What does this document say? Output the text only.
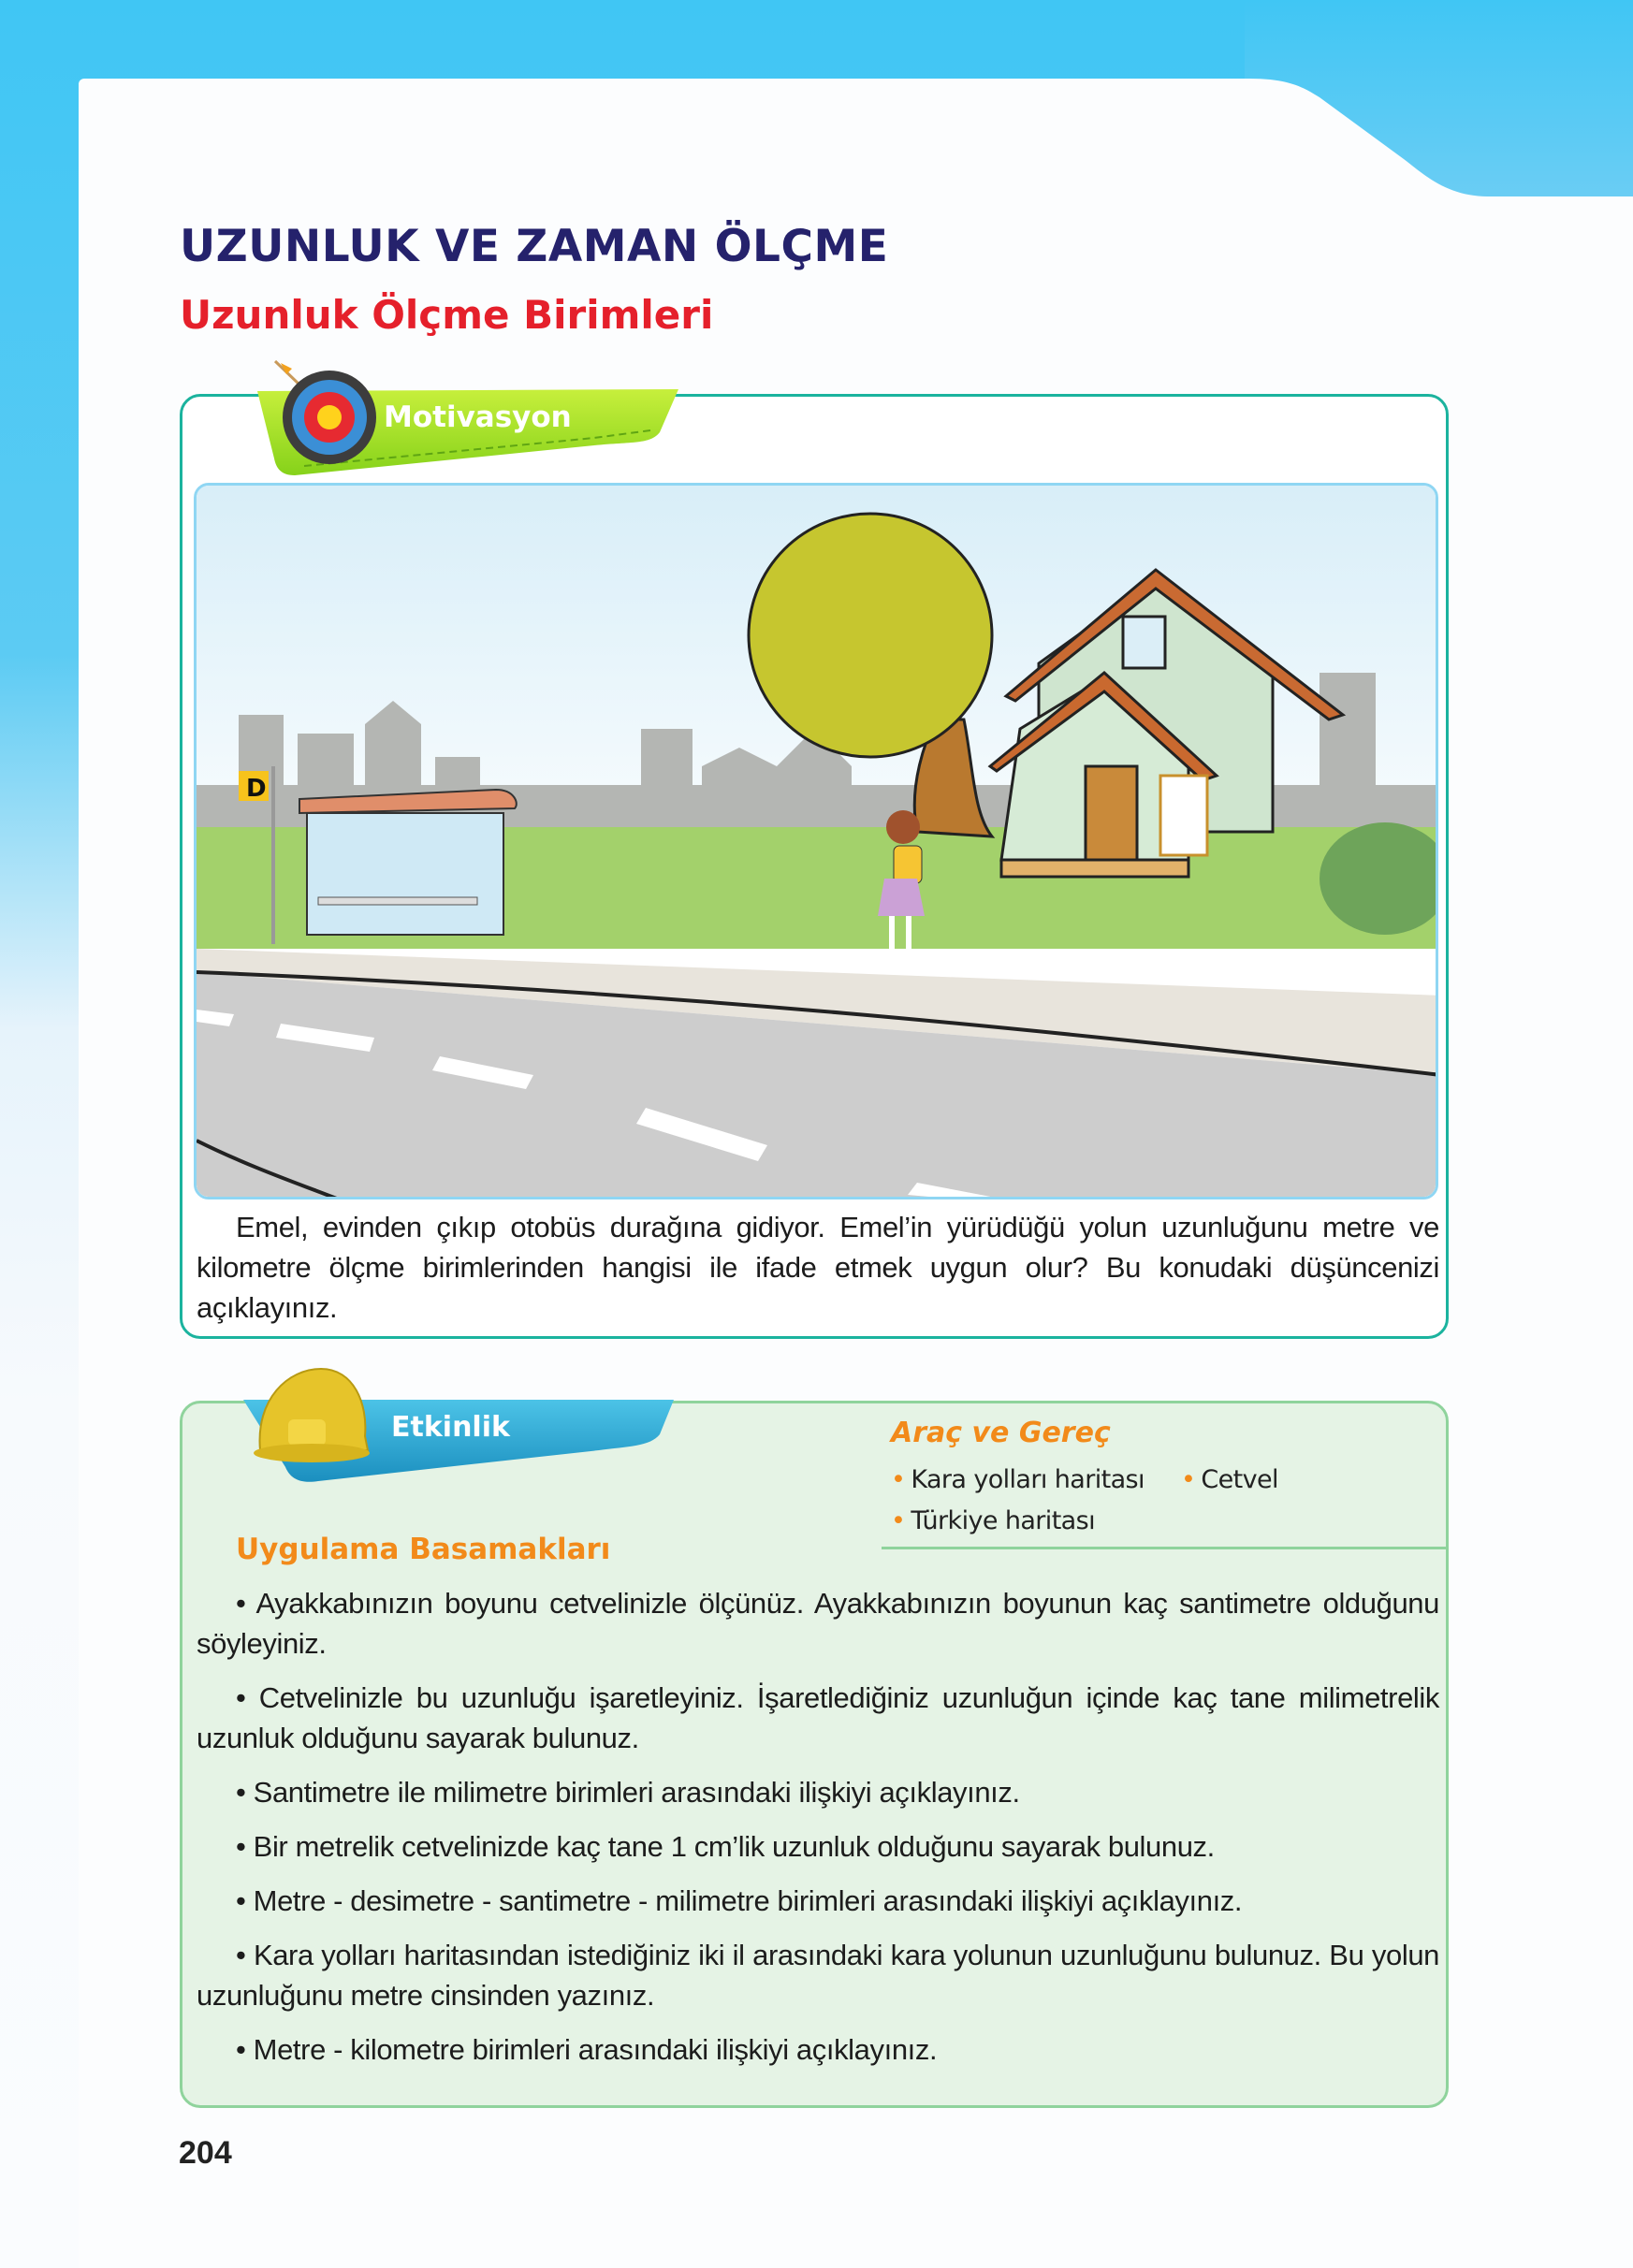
UZUNLUK VE ZAMAN ÖLÇME
Uzunluk Ölçme Birimleri
Motivasyon
D

Emel, evinden çıkıp otobüs durağına gidiyor. Emel’in yürüdüğü yolun uzunluğunu metre ve kilometre ölçme birimlerinden hangisi ile ifade etmek uygun olur? Bu konudaki düşüncenizi açıklayınız.

Etkinlik	Araç ve Gereç
• Kara yolları haritası • Cetvel
• Türkiye haritası
Uygulama Basamakları
• Ayakkabınızın boyunu cetvelinizle ölçünüz. Ayakkabınızın boyunun kaç santimetre olduğunu söyleyiniz.
• Cetvelinizle bu uzunluğu işaretleyiniz. İşaretlediğiniz uzunluğun içinde kaç tane milimetrelik uzunluk olduğunu sayarak bulunuz.
• Santimetre ile milimetre birimleri arasındaki ilişkiyi açıklayınız.
• Bir metrelik cetvelinizde kaç tane 1 cm’lik uzunluk olduğunu sayarak bulunuz.
• Metre - desimetre - santimetre - milimetre birimleri arasındaki ilişkiyi açıklayınız.
• Kara yolları haritasından istediğiniz iki il arasındaki kara yolunun uzunluğunu bulunuz. Bu yolun uzunluğunu metre cinsinden yazınız.
• Metre - kilometre birimleri arasındaki ilişkiyi açıklayınız.

204
